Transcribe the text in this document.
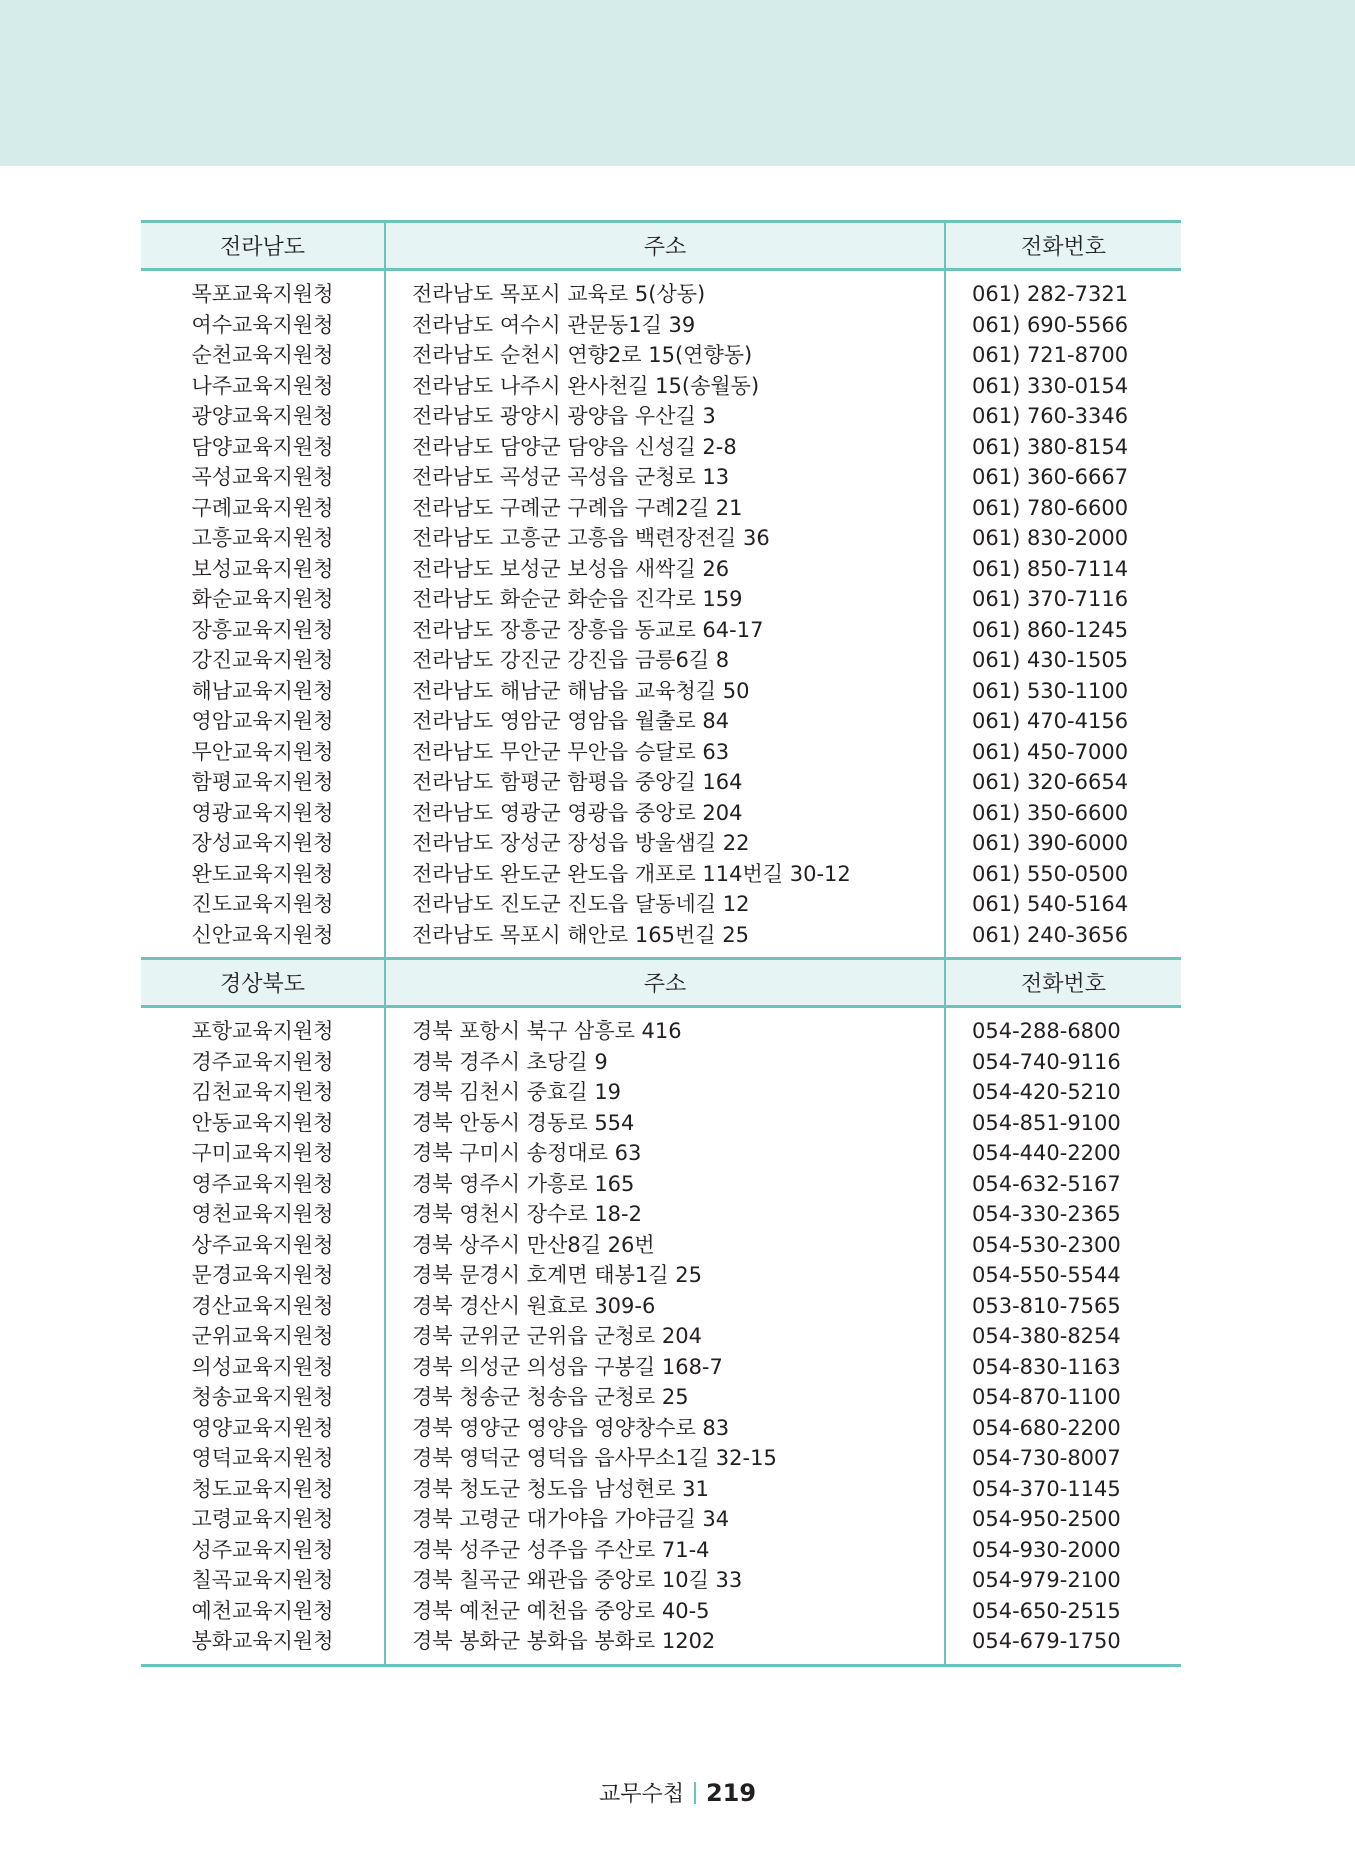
전라남도	주소	전화번호
목포교육지원청	전라남도 목포시 교육로 5(상동)	061) 282-7321
여수교육지원청	전라남도 여수시 관문동1길 39	061) 690-5566
순천교육지원청	전라남도 순천시 연향2로 15(연향동)	061) 721-8700
나주교육지원청	전라남도 나주시 완사천길 15(송월동)	061) 330-0154
광양교육지원청	전라남도 광양시 광양읍 우산길 3	061) 760-3346
담양교육지원청	전라남도 담양군 담양읍 신성길 2-8	061) 380-8154
곡성교육지원청	전라남도 곡성군 곡성읍 군청로 13	061) 360-6667
구례교육지원청	전라남도 구례군 구례읍 구례2길 21	061) 780-6600
고흥교육지원청	전라남도 고흥군 고흥읍 백련장전길 36	061) 830-2000
보성교육지원청	전라남도 보성군 보성읍 새싹길 26	061) 850-7114
화순교육지원청	전라남도 화순군 화순읍 진각로 159	061) 370-7116
장흥교육지원청	전라남도 장흥군 장흥읍 동교로 64-17	061) 860-1245
강진교육지원청	전라남도 강진군 강진읍 금릉6길 8	061) 430-1505
해남교육지원청	전라남도 해남군 해남읍 교육청길 50	061) 530-1100
영암교육지원청	전라남도 영암군 영암읍 월출로 84	061) 470-4156
무안교육지원청	전라남도 무안군 무안읍 승달로 63	061) 450-7000
함평교육지원청	전라남도 함평군 함평읍 중앙길 164	061) 320-6654
영광교육지원청	전라남도 영광군 영광읍 중앙로 204	061) 350-6600
장성교육지원청	전라남도 장성군 장성읍 방울샘길 22	061) 390-6000
완도교육지원청	전라남도 완도군 완도읍 개포로 114번길 30-12	061) 550-0500
진도교육지원청	전라남도 진도군 진도읍 달동네길 12	061) 540-5164
신안교육지원청	전라남도 목포시 해안로 165번길 25	061) 240-3656
경상북도	주소	전화번호
포항교육지원청	경북 포항시 북구 삼흥로 416	054-288-6800
경주교육지원청	경북 경주시 초당길 9	054-740-9116
김천교육지원청	경북 김천시 중효길 19	054-420-5210
안동교육지원청	경북 안동시 경동로 554	054-851-9100
구미교육지원청	경북 구미시 송정대로 63	054-440-2200
영주교육지원청	경북 영주시 가흥로 165	054-632-5167
영천교육지원청	경북 영천시 장수로 18-2	054-330-2365
상주교육지원청	경북 상주시 만산8길 26번	054-530-2300
문경교육지원청	경북 문경시 호계면 태봉1길 25	054-550-5544
경산교육지원청	경북 경산시 원효로 309-6	053-810-7565
군위교육지원청	경북 군위군 군위읍 군청로 204	054-380-8254
의성교육지원청	경북 의성군 의성읍 구봉길 168-7	054-830-1163
청송교육지원청	경북 청송군 청송읍 군청로 25	054-870-1100
영양교육지원청	경북 영양군 영양읍 영양창수로 83	054-680-2200
영덕교육지원청	경북 영덕군 영덕읍 읍사무소1길 32-15	054-730-8007
청도교육지원청	경북 청도군 청도읍 남성현로 31	054-370-1145
고령교육지원청	경북 고령군 대가야읍 가야금길 34	054-950-2500
성주교육지원청	경북 성주군 성주읍 주산로 71-4	054-930-2000
칠곡교육지원청	경북 칠곡군 왜관읍 중앙로 10길 33	054-979-2100
예천교육지원청	경북 예천군 예천읍 중앙로 40-5	054-650-2515
봉화교육지원청	경북 봉화군 봉화읍 봉화로 1202	054-679-1750
교무수첩 219
